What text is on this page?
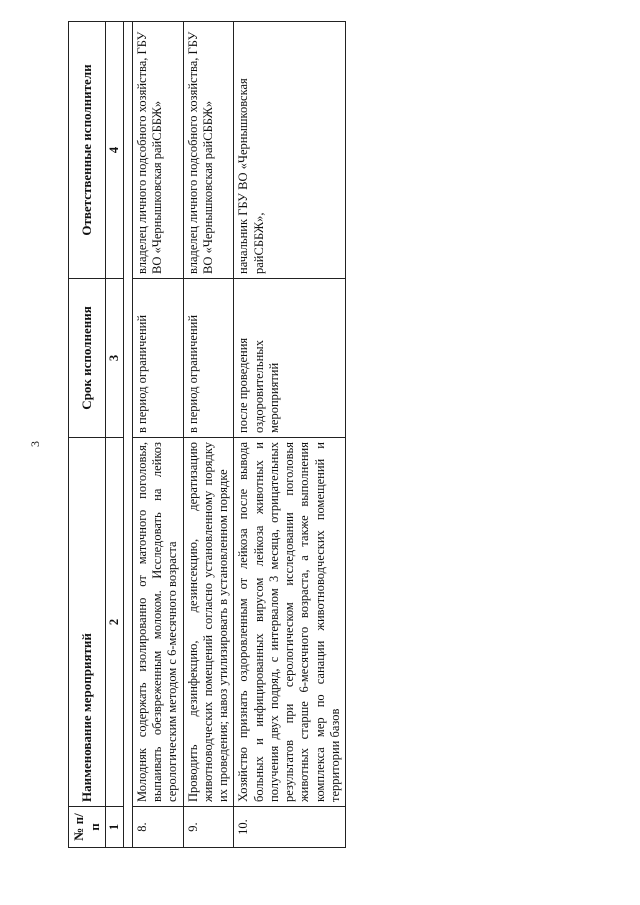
3
№ п/п	Наименование мероприятий	Срок исполнения	Ответственные исполнители
1	2	3	4

8.	Молодняк содержать изолированно от маточного поголовья, выпаивать обезвреженным молоком. Исследовать на лейкоз серологическим методом с 6-месячного возраста	в период ограничений	владелец личного подсобного хозяйства, ГБУ ВО «Чернышковская райСББЖ»
9.	Проводить дезинфекцию, дезинсекцию, дератизацию животноводческих помещений согласно установленному порядку их проведения; навоз утилизировать в установленном порядке	в период ограничений	владелец личного подсобного хозяйства, ГБУ ВО «Чернышковская райСББЖ»
10.	Хозяйство признать оздоровленным от лейкоза после вывода больных и инфицированных вирусом лейкоза животных и получения двух подряд, с интервалом 3 месяца, отрицательных результатов при серологическом исследовании поголовья животных старше 6-месячного возраста, а также выполнения комплекса мер по санации животноводческих помещений и территории базов	после проведения оздоровительных мероприятий	начальник ГБУ ВО «Чернышковская райСББЖ»,
